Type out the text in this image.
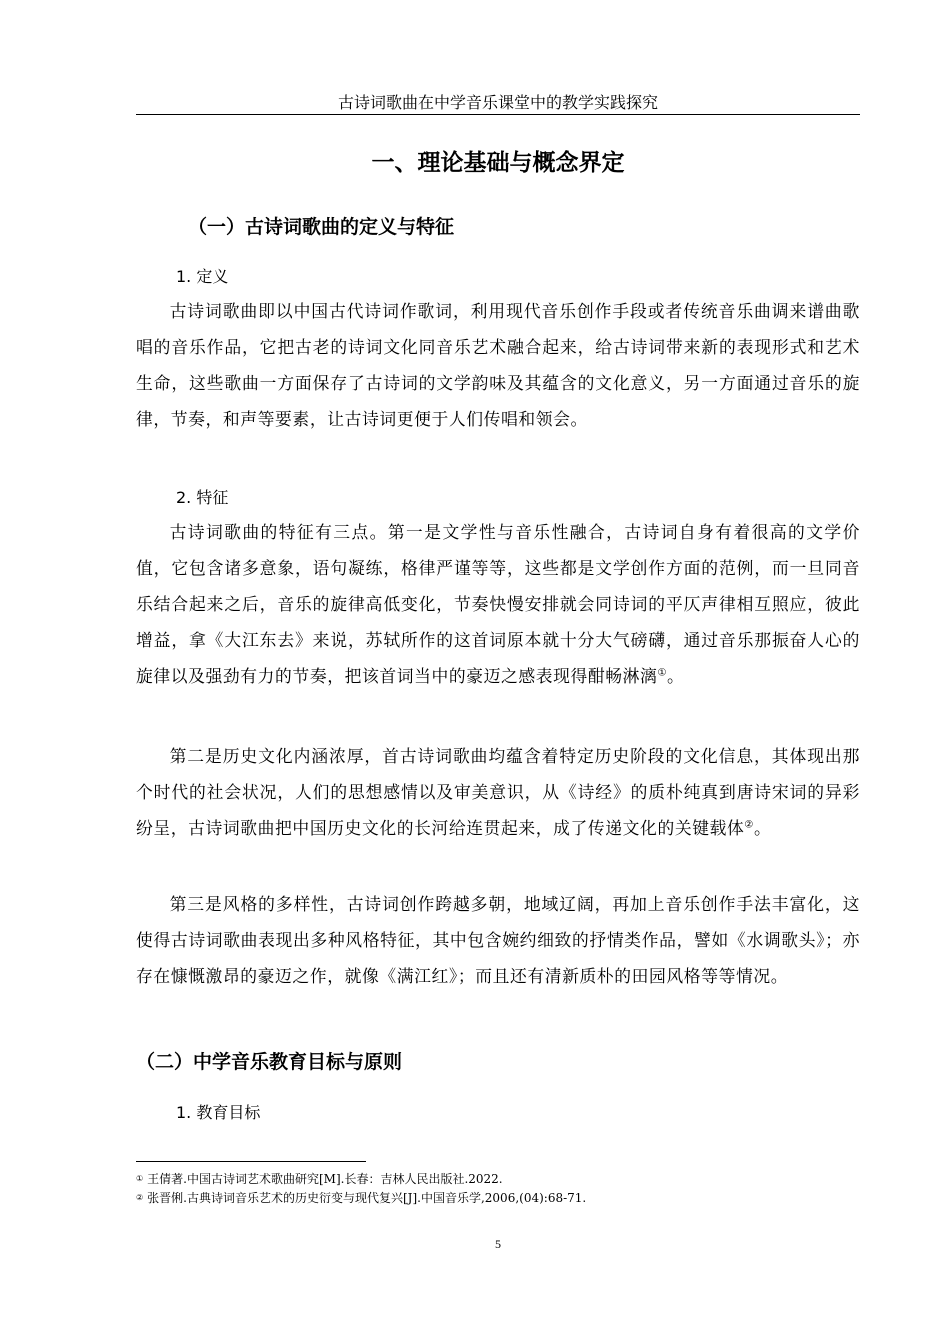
古诗词歌曲在中学音乐课堂中的教学实践探究
一、理论基础与概念界定
（一）古诗词歌曲的定义与特征
1. 定义

古诗词歌曲即以中国古代诗词作歌词，利用现代音乐创作手段或者传统音乐曲调来谱曲歌唱的音乐作品，它把古老的诗词文化同音乐艺术融合起来，给古诗词带来新的表现形式和艺术生命，这些歌曲一方面保存了古诗词的文学韵味及其蕴含的文化意义，另一方面通过音乐的旋律，节奏，和声等要素，让古诗词更便于人们传唱和领会。

2. 特征

古诗词歌曲的特征有三点。第一是文学性与音乐性融合，古诗词自身有着很高的文学价值，它包含诸多意象，语句凝练，格律严谨等等，这些都是文学创作方面的范例，而一旦同音乐结合起来之后，音乐的旋律高低变化，节奏快慢安排就会同诗词的平仄声律相互照应，彼此增益，拿《大江东去》来说，苏轼所作的这首词原本就十分大气磅礴，通过音乐那振奋人心的旋律以及强劲有力的节奏，把该首词当中的豪迈之感表现得酣畅淋漓①。

第二是历史文化内涵浓厚，首古诗词歌曲均蕴含着特定历史阶段的文化信息，其体现出那个时代的社会状况，人们的思想感情以及审美意识，从《诗经》的质朴纯真到唐诗宋词的异彩纷呈，古诗词歌曲把中国历史文化的长河给连贯起来，成了传递文化的关键载体②。

第三是风格的多样性，古诗词创作跨越多朝，地域辽阔，再加上音乐创作手法丰富化，这使得古诗词歌曲表现出多种风格特征，其中包含婉约细致的抒情类作品，譬如《水调歌头》；亦存在慷慨激昂的豪迈之作，就像《满江红》；而且还有清新质朴的田园风格等等情况。

（二）中学音乐教育目标与原则
1. 教育目标
① 王倩著.中国古诗词艺术歌曲研究[M].长春：吉林人民出版社.2022.
② 张晋俐.古典诗词音乐艺术的历史衍变与现代复兴[J].中国音乐学,2006,(04):68-71.
5
